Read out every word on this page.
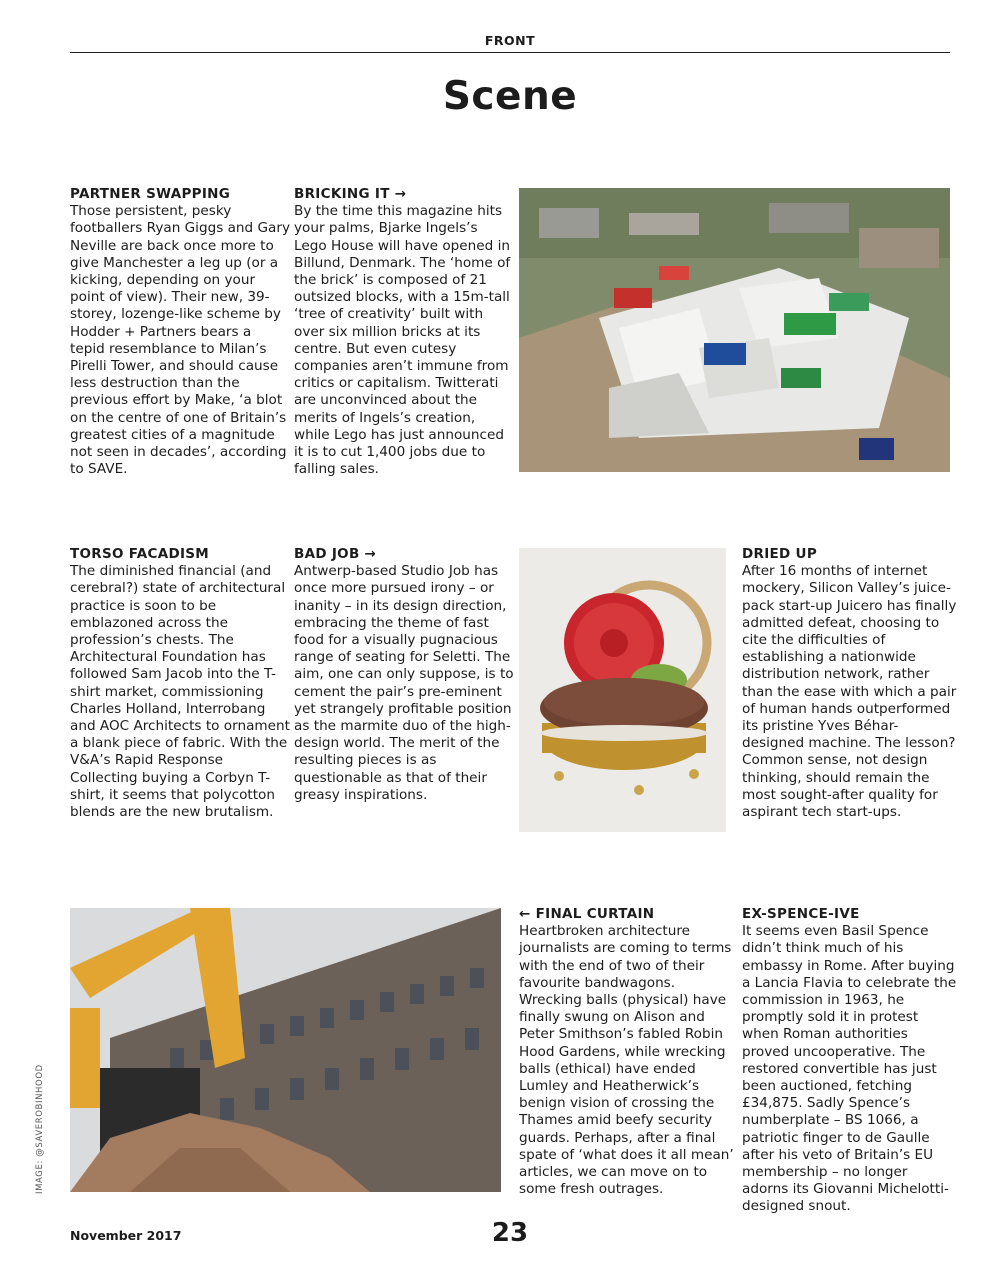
FRONT
Scene
PARTNER SWAPPING

Those persistent, pesky footballers Ryan Giggs and Gary Neville are back once more to give Manchester a leg up (or a kicking, depending on your point of view). Their new, 39-storey, lozenge-like scheme by Hodder + Partners bears a tepid resemblance to Milan’s Pirelli Tower, and should cause less destruction than the previous effort by Make, ‘a blot on the centre of one of Britain’s greatest cities of a magnitude not seen in decades’, according to SAVE.

BRICKING IT →

By the time this magazine hits your palms, Bjarke Ingels’s Lego House will have opened in Billund, Denmark. The ‘home of the brick’ is composed of 21 outsized blocks, with a 15m-tall ‘tree of creativity’ built with over six million bricks at its centre. But even cutesy companies aren’t immune from critics or capitalism. Twitterati are unconvinced about the merits of Ingels’s creation, while Lego has just announced it is to cut 1,400 jobs due to falling sales.

TORSO FACADISM

The diminished financial (and cerebral?) state of architectural practice is soon to be emblazoned across the profession’s chests. The Architectural Foundation has followed Sam Jacob into the T-shirt market, commissioning Charles Holland, Interrobang and AOC Architects to ornament a blank piece of fabric. With the V&A’s Rapid Response Collecting buying a Corbyn T-shirt, it seems that polycotton blends are the new brutalism.

BAD JOB →

Antwerp-based Studio Job has once more pursued irony – or inanity – in its design direction, embracing the theme of fast food for a visually pugnacious range of seating for Seletti. The aim, one can only suppose, is to cement the pair’s pre-eminent yet strangely profitable position as the marmite duo of the high-design world. The merit of the resulting pieces is as questionable as that of their greasy inspirations.

DRIED UP

After 16 months of internet mockery, Silicon Valley’s juice-pack start-up Juicero has finally admitted defeat, choosing to cite the difficulties of establishing a nationwide distribution network, rather than the ease with which a pair of human hands outperformed its pristine Yves Béhar-designed machine. The lesson? Common sense, not design thinking, should remain the most sought-after quality for aspirant tech start-ups.

IMAGE: @SAVEROBINHOOD
← FINAL CURTAIN

Heartbroken architecture journalists are coming to terms with the end of two of their favourite bandwagons. Wrecking balls (physical) have finally swung on Alison and Peter Smithson’s fabled Robin Hood Gardens, while wrecking balls (ethical) have ended Lumley and Heatherwick’s benign vision of crossing the Thames amid beefy security guards. Perhaps, after a final spate of ‘what does it all mean’ articles, we can move on to some fresh outrages.

EX-SPENCE-IVE

It seems even Basil Spence didn’t think much of his embassy in Rome. After buying a Lancia Flavia to celebrate the commission in 1963, he promptly sold it in protest when Roman authorities proved uncooperative. The restored convertible has just been auctioned, fetching £34,875. Sadly Spence’s numberplate – BS 1066, a patriotic finger to de Gaulle after his veto of Britain’s EU membership – no longer adorns its Giovanni Michelotti-designed snout.

November 2017	23
